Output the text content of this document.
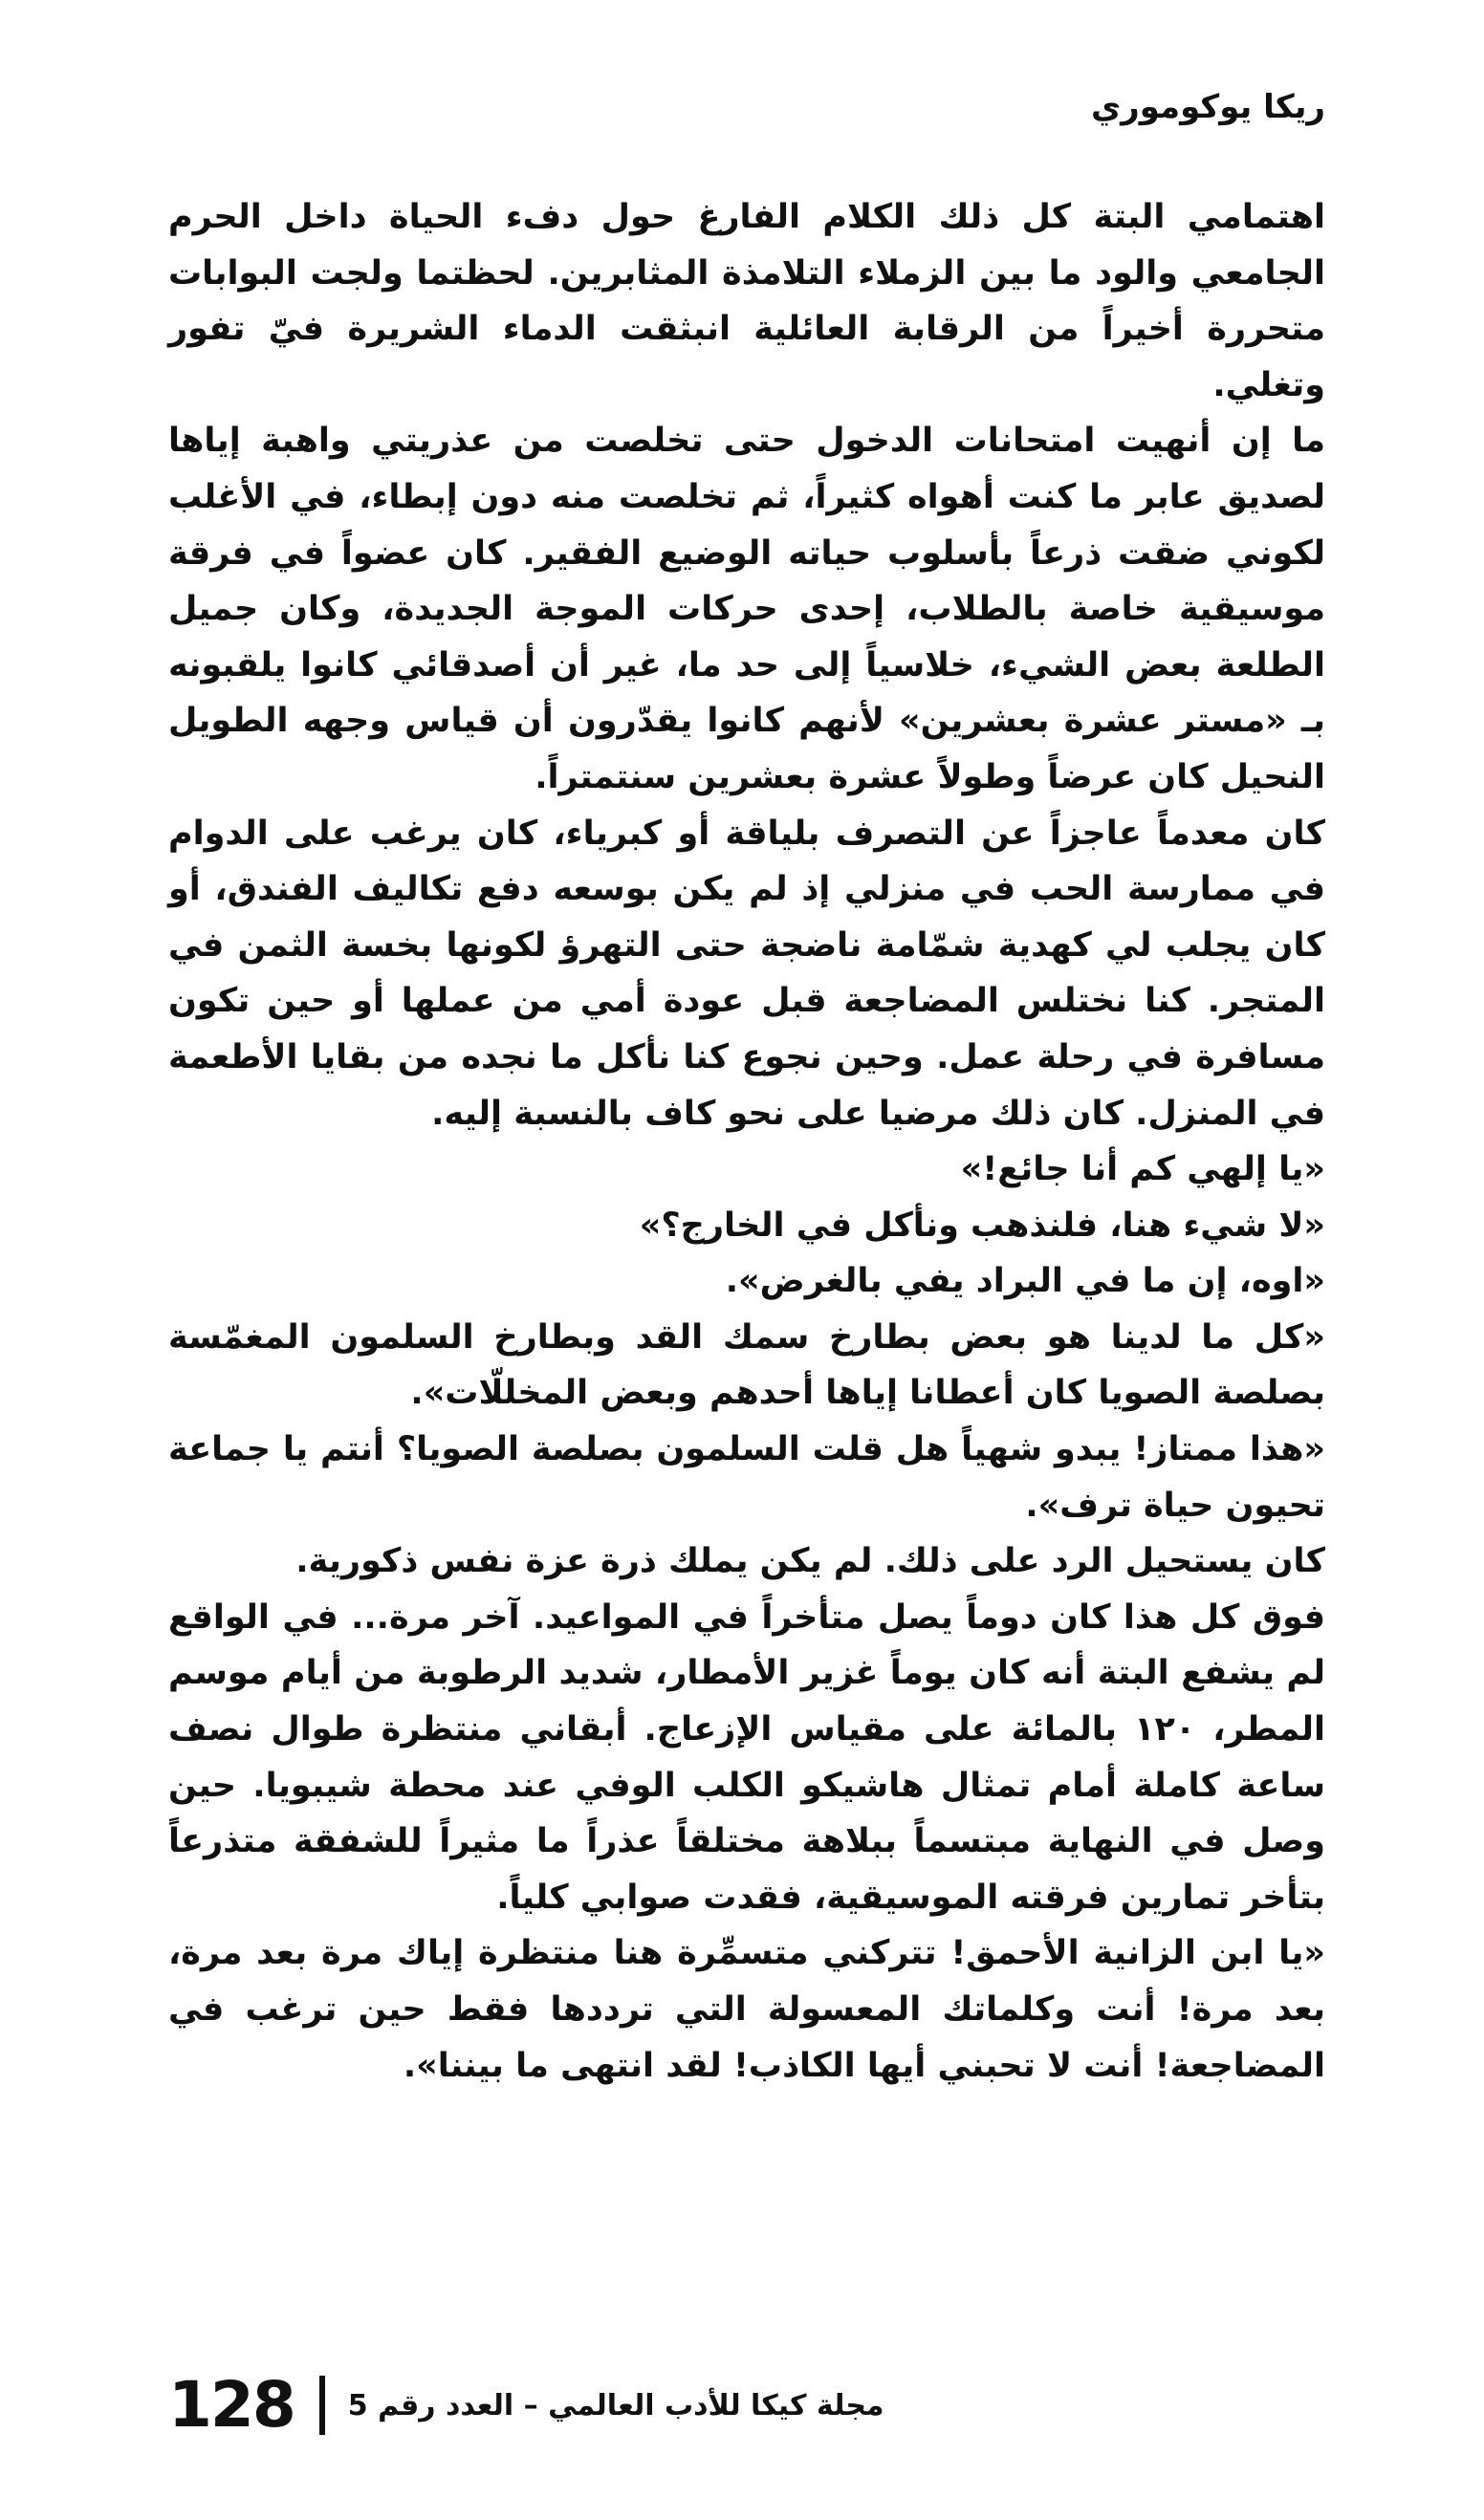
ريكا يوكوموري

اهتمامي البتة كل ذلك الكلام الفارغ حول دفء الحياة داخل الحرم الجامعي والود ما بين الزملاء التلامذة المثابرين. لحظتما ولجت البوابات متحررة أخيراً من الرقابة العائلية انبثقت الدماء الشريرة فيّ تفور وتغلي.

ما إن أنهيت امتحانات الدخول حتى تخلصت من عذريتي واهبة إياها لصديق عابر ما كنت أهواه كثيراً، ثم تخلصت منه دون إبطاء، في الأغلب لكوني ضقت ذرعاً بأسلوب حياته الوضيع الفقير. كان عضواً في فرقة موسيقية خاصة بالطلاب، إحدى حركات الموجة الجديدة، وكان جميل الطلعة بعض الشيء، خلاسياً إلى حد ما، غير أن أصدقائي كانوا يلقبونه بـ «مستر عشرة بعشرين» لأنهم كانوا يقدّرون أن قياس وجهه الطويل النحيل كان عرضاً وطولاً عشرة بعشرين سنتمتراً.

كان معدماً عاجزاً عن التصرف بلياقة أو كبرياء، كان يرغب على الدوام في ممارسة الحب في منزلي إذ لم يكن بوسعه دفع تكاليف الفندق، أو كان يجلب لي كهدية شمّامة ناضجة حتى التهرؤ لكونها بخسة الثمن في المتجر. كنا نختلس المضاجعة قبل عودة أمي من عملها أو حين تكون مسافرة في رحلة عمل. وحين نجوع كنا نأكل ما نجده من بقايا الأطعمة في المنزل. كان ذلك مرضيا على نحو كاف بالنسبة إليه.

«يا إلهي كم أنا جائع!»

«لا شيء هنا، فلنذهب ونأكل في الخارج؟»

«اوه، إن ما في البراد يفي بالغرض».

«كل ما لدينا هو بعض بطارخ سمك القد وبطارخ السلمون المغمّسة بصلصة الصويا كان أعطانا إياها أحدهم وبعض المخللّات».

«هذا ممتاز! يبدو شهياً هل قلت السلمون بصلصة الصويا؟ أنتم يا جماعة تحيون حياة ترف».

كان يستحيل الرد على ذلك. لم يكن يملك ذرة عزة نفس ذكورية.

فوق كل هذا كان دوماً يصل متأخراً في المواعيد. آخر مرة... في الواقع لم يشفع البتة أنه كان يوماً غزير الأمطار، شديد الرطوبة من أيام موسم المطر، ١٢٠ بالمائة على مقياس الإزعاج. أبقاني منتظرة طوال نصف ساعة كاملة أمام تمثال هاشيكو الكلب الوفي عند محطة شيبويا. حين وصل في النهاية مبتسماً ببلاهة مختلقاً عذراً ما مثيراً للشفقة متذرعاً بتأخر تمارين فرقته الموسيقية، فقدت صوابي كلياً.

«يا ابن الزانية الأحمق! تتركني متسمِّرة هنا منتظرة إياك مرة بعد مرة، بعد مرة! أنت وكلماتك المعسولة التي ترددها فقط حين ترغب في المضاجعة! أنت لا تحبني أيها الكاذب! لقد انتهى ما بيننا».

128 مجلة كيكا للأدب العالمي – العدد رقم 5
